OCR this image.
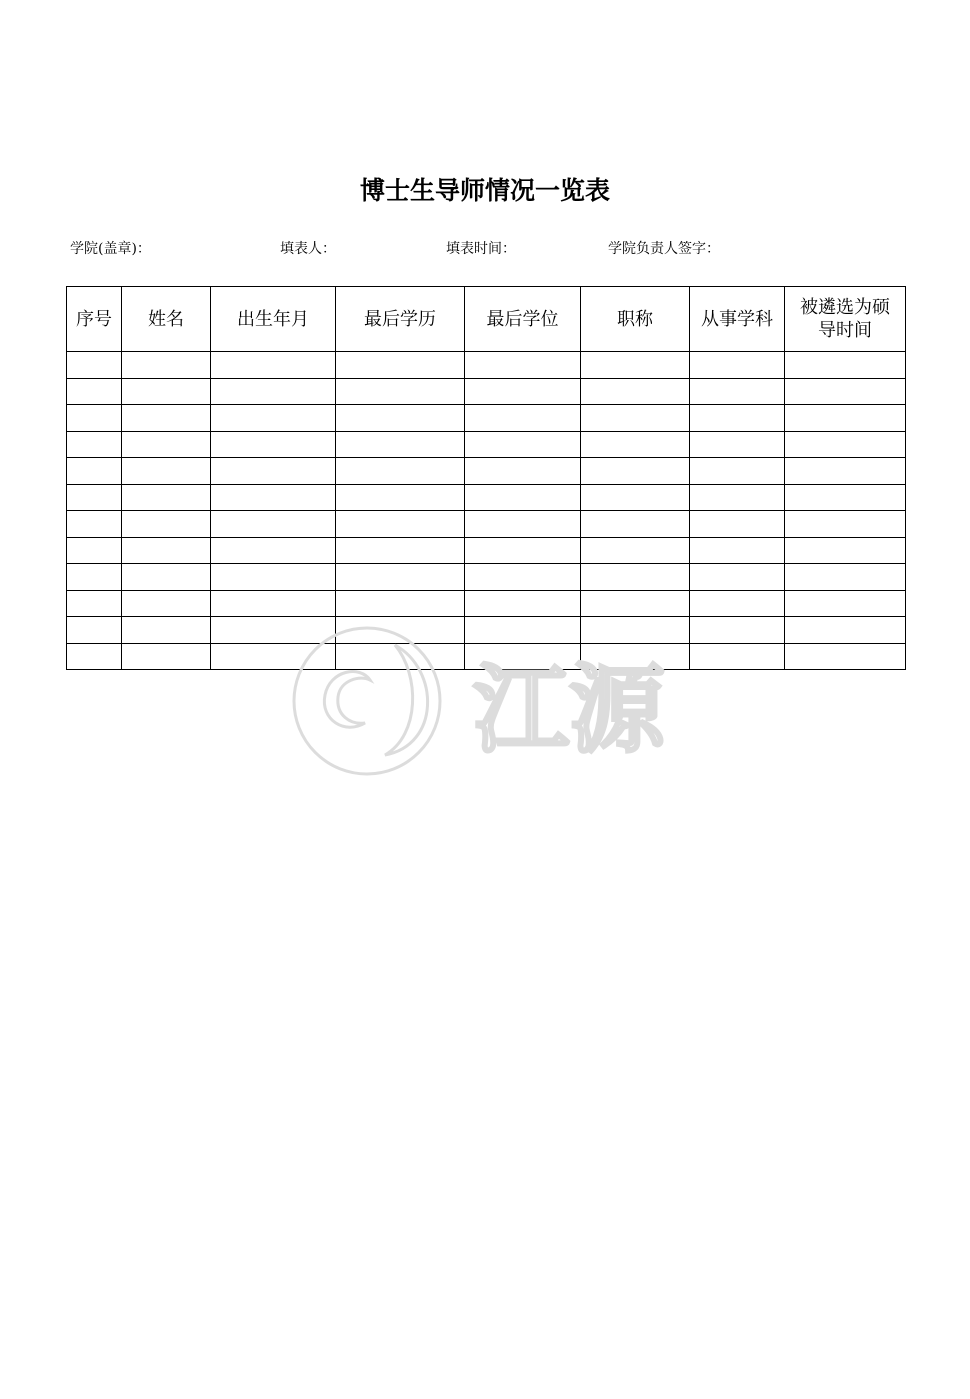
博士生导师情况一览表
学院(盖章)：	填表人：	填表时间：	学院负责人签字：
序号	姓名	出生年月	最后学历	最后学位	职称	从事学科	被遴选为硕
导时间

江源
